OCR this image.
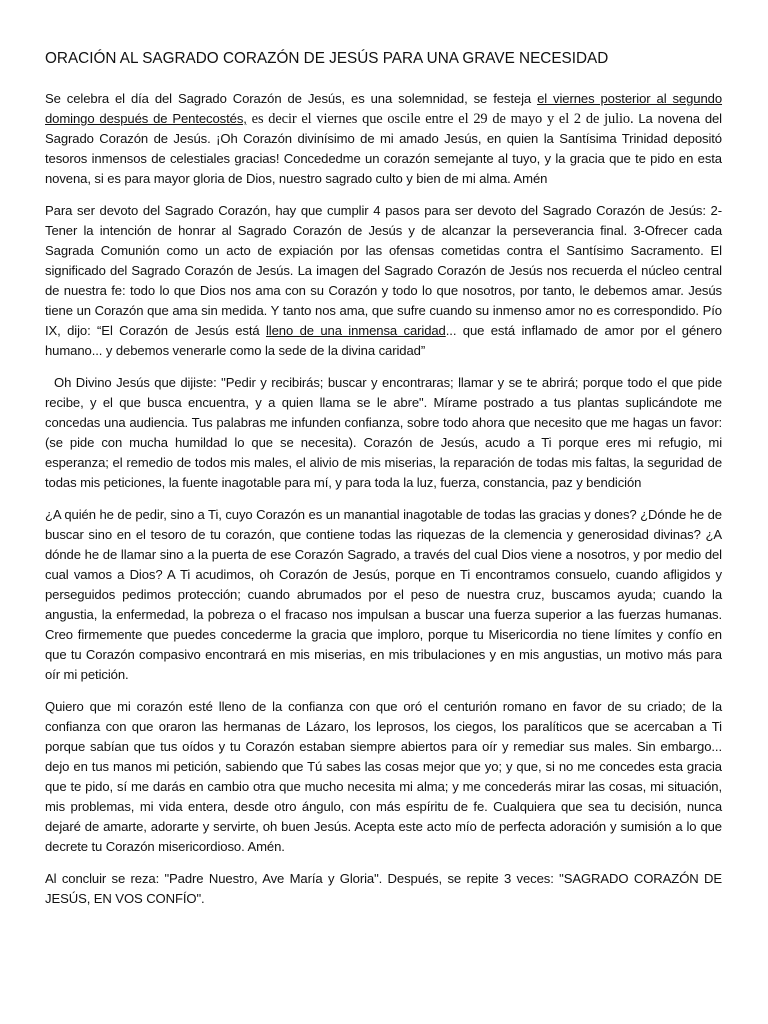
ORACIÓN AL SAGRADO CORAZÓN DE JESÚS PARA UNA GRAVE NECESIDAD

Se celebra el día del Sagrado Corazón de Jesús, es una solemnidad, se festeja el viernes posterior al segundo domingo después de Pentecostés, es decir el viernes que oscile entre el 29 de mayo y el 2 de julio. La novena del Sagrado Corazón de Jesús. ¡Oh Corazón divinísimo de mi amado Jesús, en quien la Santísima Trinidad depositó tesoros inmensos de celestiales gracias! Concededme un corazón semejante al tuyo, y la gracia que te pido en esta novena, si es para mayor gloria de Dios, nuestro sagrado culto y bien de mi alma. Amén

Para ser devoto del Sagrado Corazón, hay que cumplir 4 pasos para ser devoto del Sagrado Corazón de Jesús: 2-Tener la intención de honrar al Sagrado Corazón de Jesús y de alcanzar la perseverancia final. 3-Ofrecer cada Sagrada Comunión como un acto de expiación por las ofensas cometidas contra el Santísimo Sacramento. El significado del Sagrado Corazón de Jesús. La imagen del Sagrado Corazón de Jesús nos recuerda el núcleo central de nuestra fe: todo lo que Dios nos ama con su Corazón y todo lo que nosotros, por tanto, le debemos amar. Jesús tiene un Corazón que ama sin medida. Y tanto nos ama, que sufre cuando su inmenso amor no es correspondido. Pío IX, dijo: “El Corazón de Jesús está lleno de una inmensa caridad... que está inflamado de amor por el género humano... y debemos venerarle como la sede de la divina caridad”

Oh Divino Jesús que dijiste: "Pedir y recibirás; buscar y encontraras; llamar y se te abrirá; porque todo el que pide recibe, y el que busca encuentra, y a quien llama se le abre". Mírame postrado a tus plantas suplicándote me concedas una audiencia. Tus palabras me infunden confianza, sobre todo ahora que necesito que me hagas un favor: (se pide con mucha humildad lo que se necesita). Corazón de Jesús, acudo a Ti porque eres mi refugio, mi esperanza; el remedio de todos mis males, el alivio de mis miserias, la reparación de todas mis faltas, la seguridad de todas mis peticiones, la fuente inagotable para mí, y para toda la luz, fuerza, constancia, paz y bendición

¿A quién he de pedir, sino a Ti, cuyo Corazón es un manantial inagotable de todas las gracias y dones? ¿Dónde he de buscar sino en el tesoro de tu corazón, que contiene todas las riquezas de la clemencia y generosidad divinas? ¿A dónde he de llamar sino a la puerta de ese Corazón Sagrado, a través del cual Dios viene a nosotros, y por medio del cual vamos a Dios? A Ti acudimos, oh Corazón de Jesús, porque en Ti encontramos consuelo, cuando afligidos y perseguidos pedimos protección; cuando abrumados por el peso de nuestra cruz, buscamos ayuda; cuando la angustia, la enfermedad, la pobreza o el fracaso nos impulsan a buscar una fuerza superior a las fuerzas humanas. Creo firmemente que puedes concederme la gracia que imploro, porque tu Misericordia no tiene límites y confío en que tu Corazón compasivo encontrará en mis miserias, en mis tribulaciones y en mis angustias, un motivo más para oír mi petición.

Quiero que mi corazón esté lleno de la confianza con que oró el centurión romano en favor de su criado; de la confianza con que oraron las hermanas de Lázaro, los leprosos, los ciegos, los paralíticos que se acercaban a Ti porque sabían que tus oídos y tu Corazón estaban siempre abiertos para oír y remediar sus males. Sin embargo... dejo en tus manos mi petición, sabiendo que Tú sabes las cosas mejor que yo; y que, si no me concedes esta gracia que te pido, sí me darás en cambio otra que mucho necesita mi alma; y me concederás mirar las cosas, mi situación, mis problemas, mi vida entera, desde otro ángulo, con más espíritu de fe. Cualquiera que sea tu decisión, nunca dejaré de amarte, adorarte y servirte, oh buen Jesús. Acepta este acto mío de perfecta adoración y sumisión a lo que decrete tu Corazón misericordioso. Amén.

Al concluir se reza: "Padre Nuestro, Ave María y Gloria". Después, se repite 3 veces: "SAGRADO CORAZÓN DE JESÚS, EN VOS CONFÍO".
